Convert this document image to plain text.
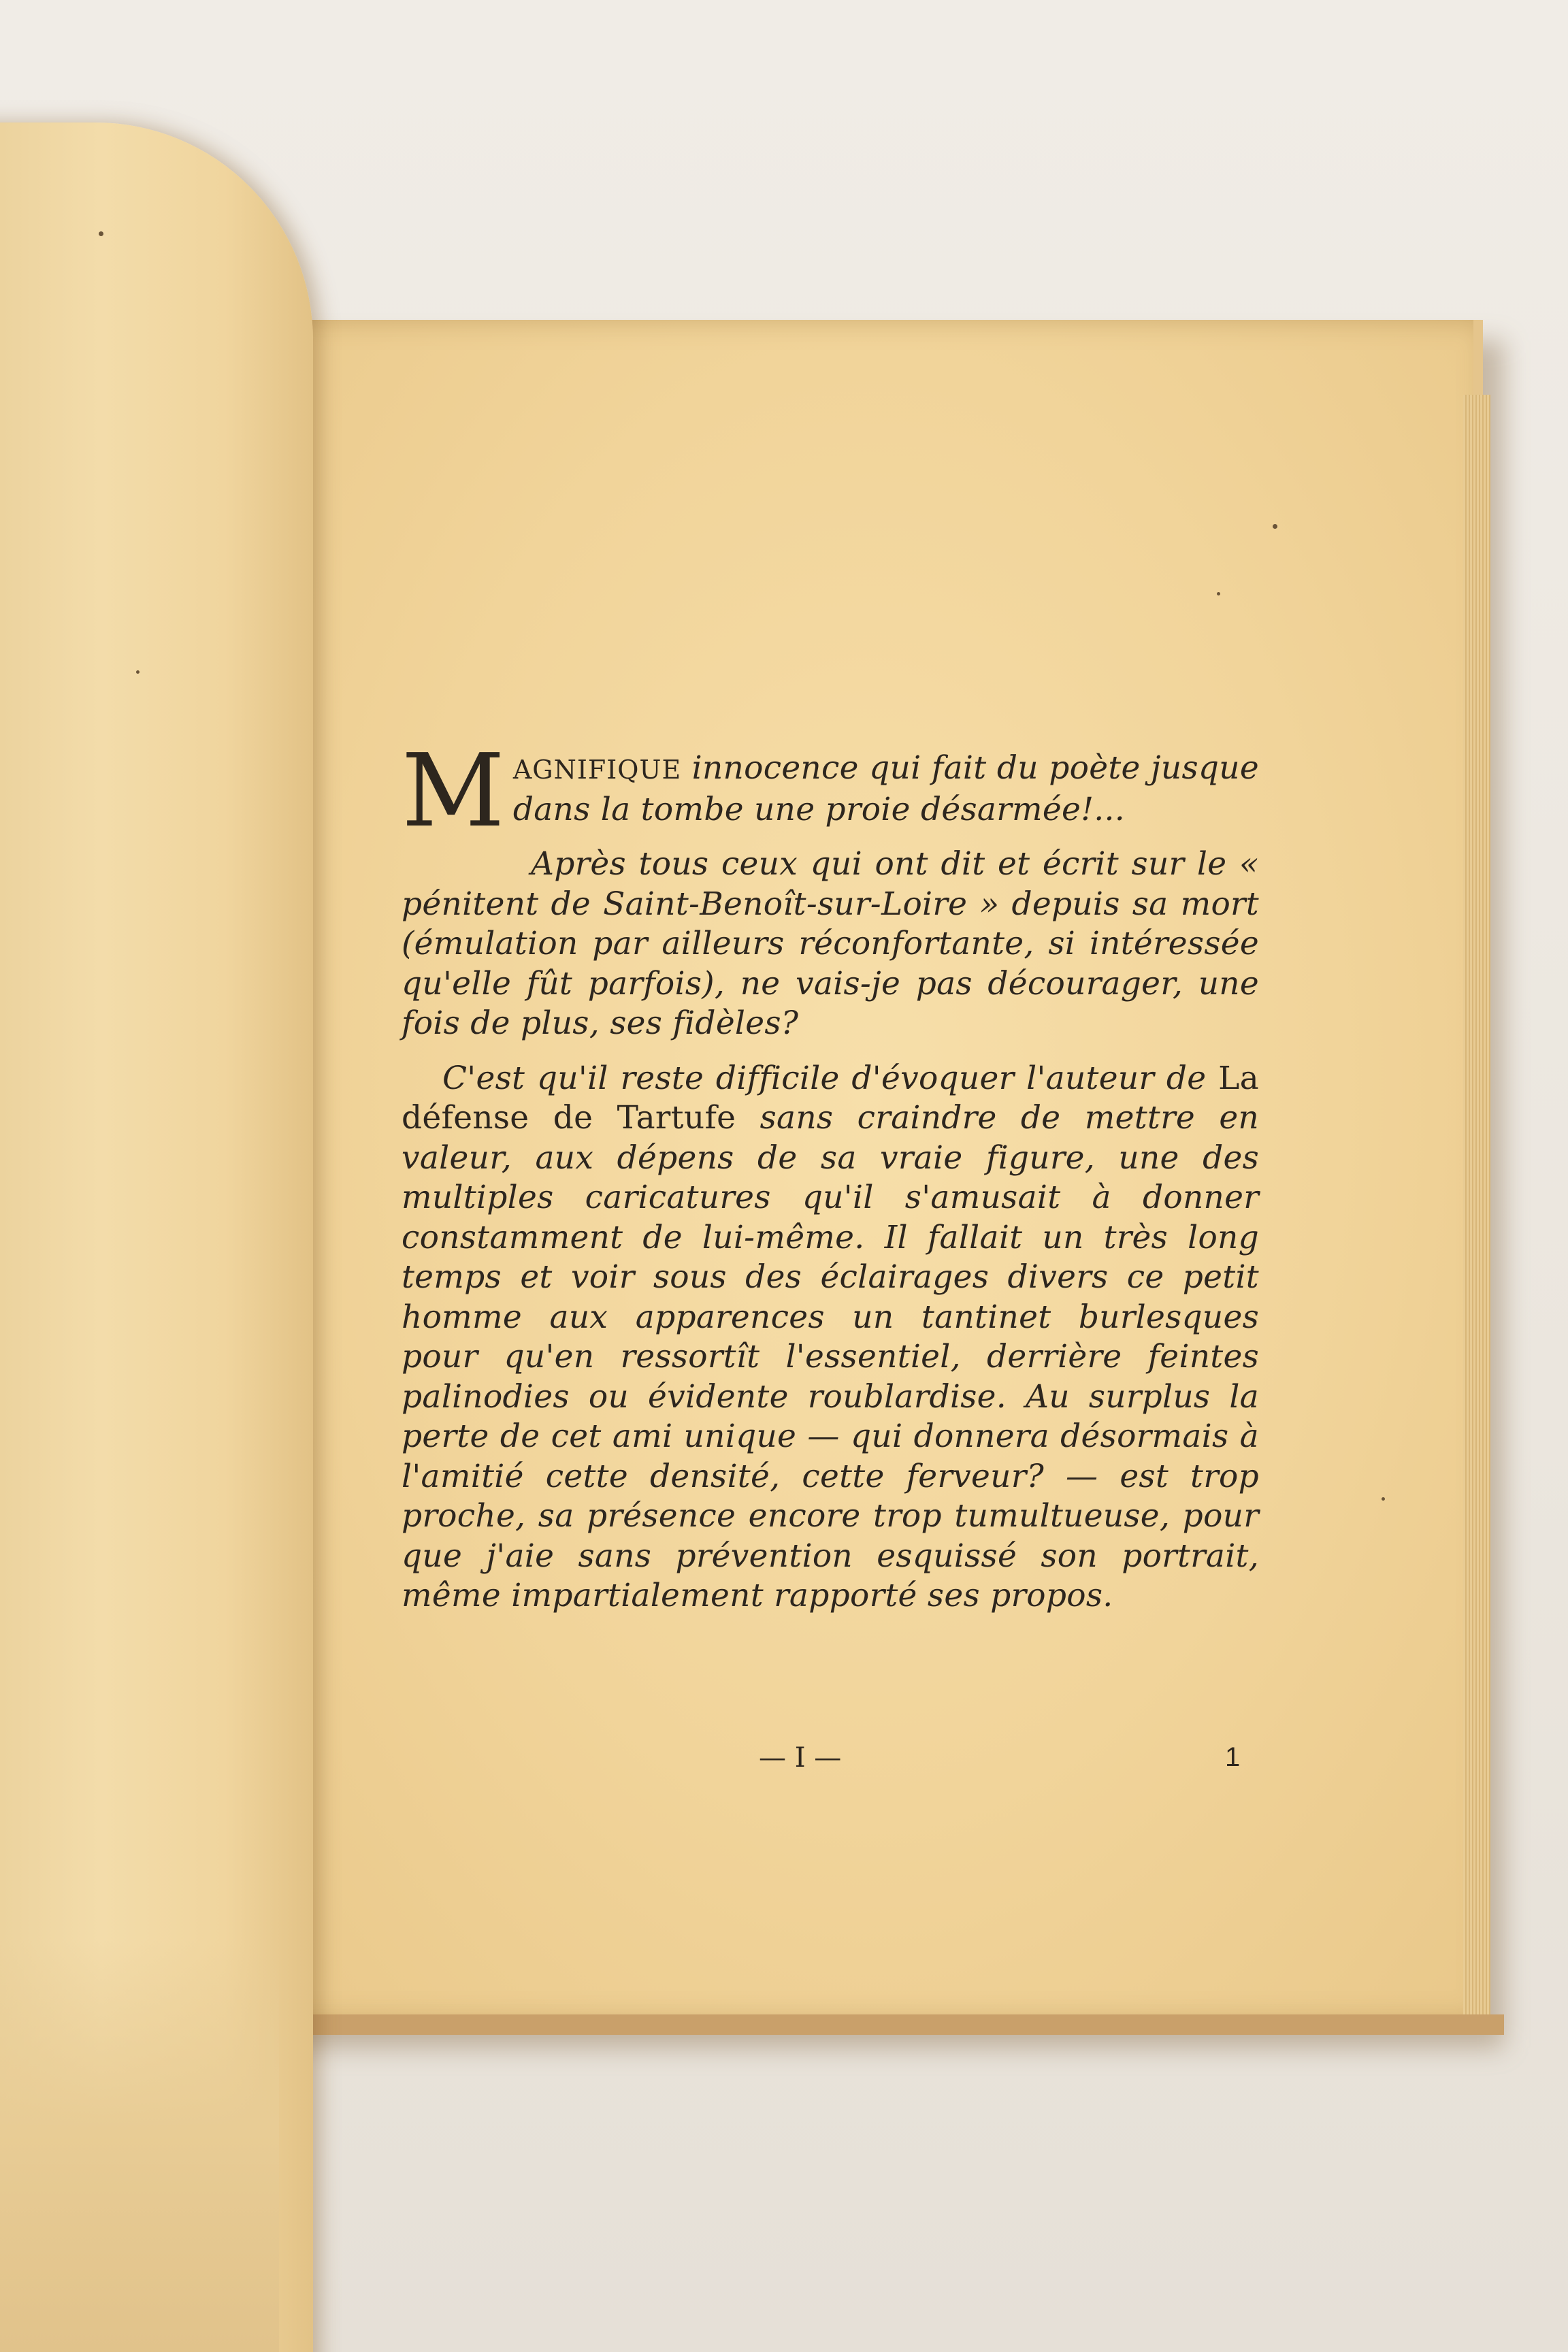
MAGNIFIQUE innocence qui fait du poète jusque dans la tombe une proie désarmée!...

Après tous ceux qui ont dit et écrit sur le « pénitent de Saint-Benoît-sur-Loire » depuis sa mort (émulation par ailleurs réconfortante, si intéressée qu'elle fût parfois), ne vais-je pas décourager, une fois de plus, ses fidèles?

C'est qu'il reste difficile d'évoquer l'auteur de La défense de Tartufe sans craindre de mettre en valeur, aux dépens de sa vraie figure, une des multiples caricatures qu'il s'amusait à donner constamment de lui-même. Il fallait un très long temps et voir sous des éclairages divers ce petit homme aux apparences un tantinet burlesques pour qu'en ressortît l'essentiel, derrière feintes palinodies ou évidente roublardise. Au surplus la perte de cet ami unique — qui donnera désormais à l'amitié cette densité, cette ferveur? — est trop proche, sa présence encore trop tumultueuse, pour que j'aie sans prévention esquissé son portrait, même impartialement rapporté ses propos.

— I —	1
